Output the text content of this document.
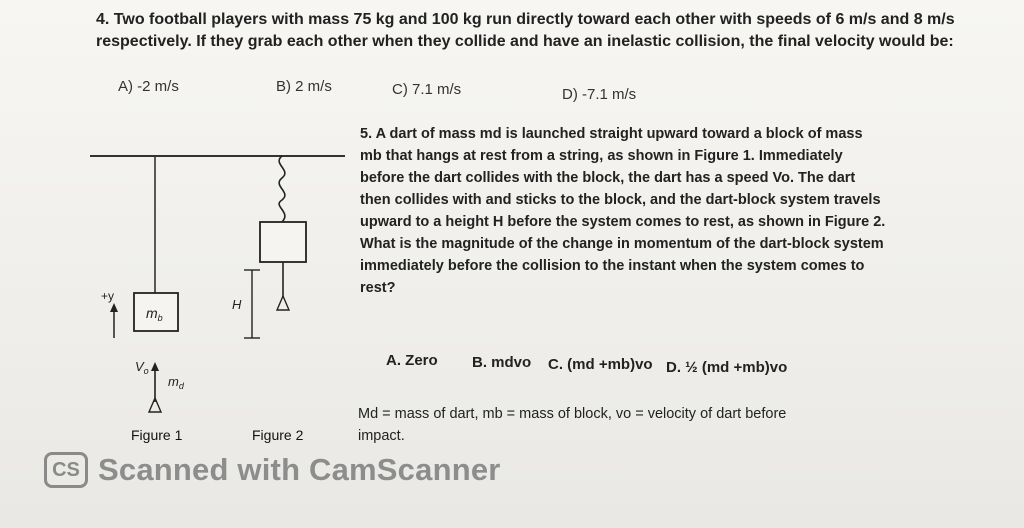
4. Two football players with mass 75 kg and 100 kg run directly toward each other with speeds of 6 m/s and 8 m/s
respectively. If they grab each other when they collide and have an inelastic collision, the final velocity would be:
A) -2 m/s	B) 2 m/s	C) 7.1 m/s	D) -7.1 m/s
5. A dart of mass md is launched straight upward toward a block of mass
mb that hangs at rest from a string, as shown in Figure 1. Immediately
before the dart collides with the block, the dart has a speed Vo. The dart
then collides with and sticks to the block, and the dart-block system travels
upward to a height H before the system comes to rest, as shown in Figure 2.
What is the magnitude of the change in momentum of the dart-block system
immediately before the collision to the instant when the system comes to
rest?
A. Zero B. mdvo C. (md +mb)vo D. ½ (md +mb)vo
Md = mass of dart, mb = mass of block, vo = velocity of dart before
impact.
$m_b$
+y
$V_o$
$m_d$
H
Figure 1	Figure 2
CS Scanned with CamScanner
